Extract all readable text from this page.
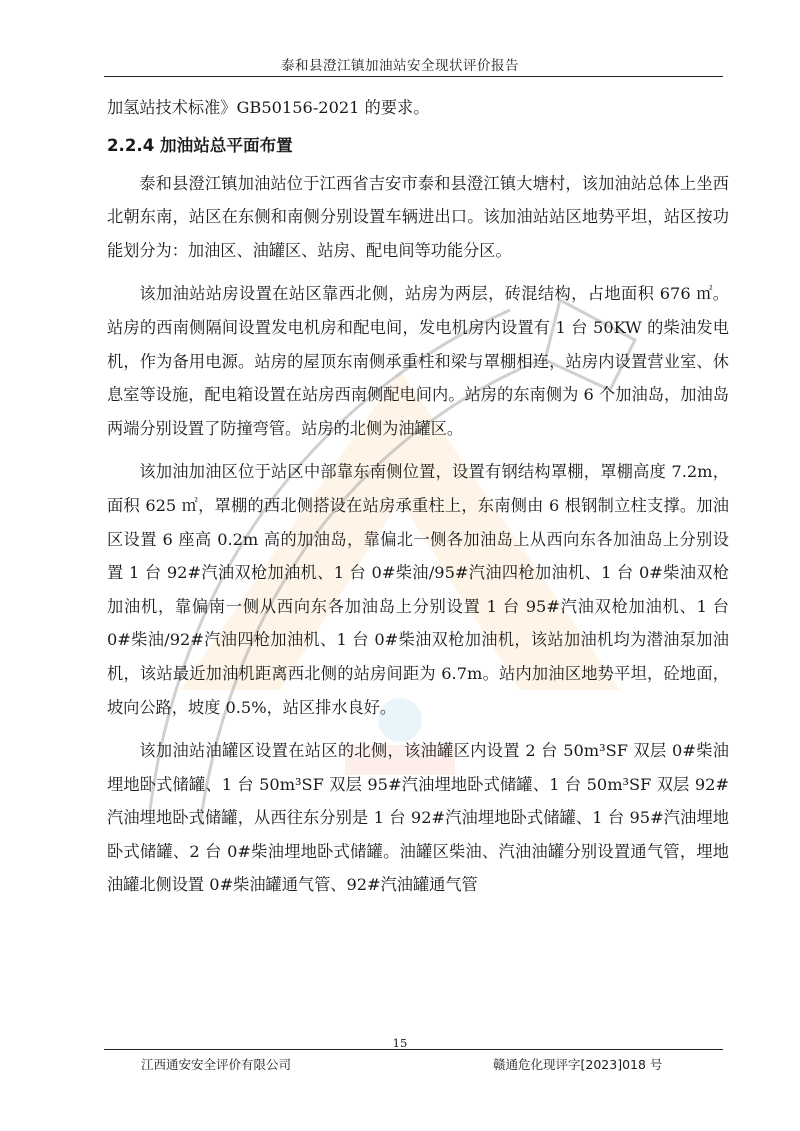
泰和县澄江镇加油站安全现状评价报告

加氢站技术标准》GB50156-2021 的要求。

2.2.4 加油站总平面布置

泰和县澄江镇加油站位于江西省吉安市泰和县澄江镇大塘村，该加油站总体上坐西北朝东南，站区在东侧和南侧分别设置车辆进出口。该加油站站区地势平坦，站区按功能划分为：加油区、油罐区、站房、配电间等功能分区。

该加油站站房设置在站区靠西北侧，站房为两层，砖混结构，占地面积 676 ㎡。站房的西南侧隔间设置发电机房和配电间，发电机房内设置有 1 台 50KW 的柴油发电机，作为备用电源。站房的屋顶东南侧承重柱和梁与罩棚相连，站房内设置营业室、休息室等设施，配电箱设置在站房西南侧配电间内。站房的东南侧为 6 个加油岛，加油岛两端分别设置了防撞弯管。站房的北侧为油罐区。

该加油加油区位于站区中部靠东南侧位置，设置有钢结构罩棚，罩棚高度 7.2m，面积 625 ㎡，罩棚的西北侧搭设在站房承重柱上，东南侧由 6 根钢制立柱支撑。加油区设置 6 座高 0.2m 高的加油岛，靠偏北一侧各加油岛上从西向东各加油岛上分别设置 1 台 92#汽油双枪加油机、1 台 0#柴油/95#汽油四枪加油机、1 台 0#柴油双枪加油机，靠偏南一侧从西向东各加油岛上分别设置 1 台 95#汽油双枪加油机、1 台 0#柴油/92#汽油四枪加油机、1 台 0#柴油双枪加油机，该站加油机均为潜油泵加油机，该站最近加油机距离西北侧的站房间距为 6.7m。站内加油区地势平坦，砼地面，坡向公路，坡度 0.5%，站区排水良好。

该加油站油罐区设置在站区的北侧，该油罐区内设置 2 台 50m³SF 双层 0#柴油埋地卧式储罐、1 台 50m³SF 双层 95#汽油埋地卧式储罐、1 台 50m³SF 双层 92#汽油埋地卧式储罐，从西往东分别是 1 台 92#汽油埋地卧式储罐、1 台 95#汽油埋地卧式储罐、2 台 0#柴油埋地卧式储罐。油罐区柴油、汽油油罐分别设置通气管，埋地油罐北侧设置 0#柴油罐通气管、92#汽油罐通气管

15
江西通安安全评价有限公司	赣通危化现评字[2023]018 号
